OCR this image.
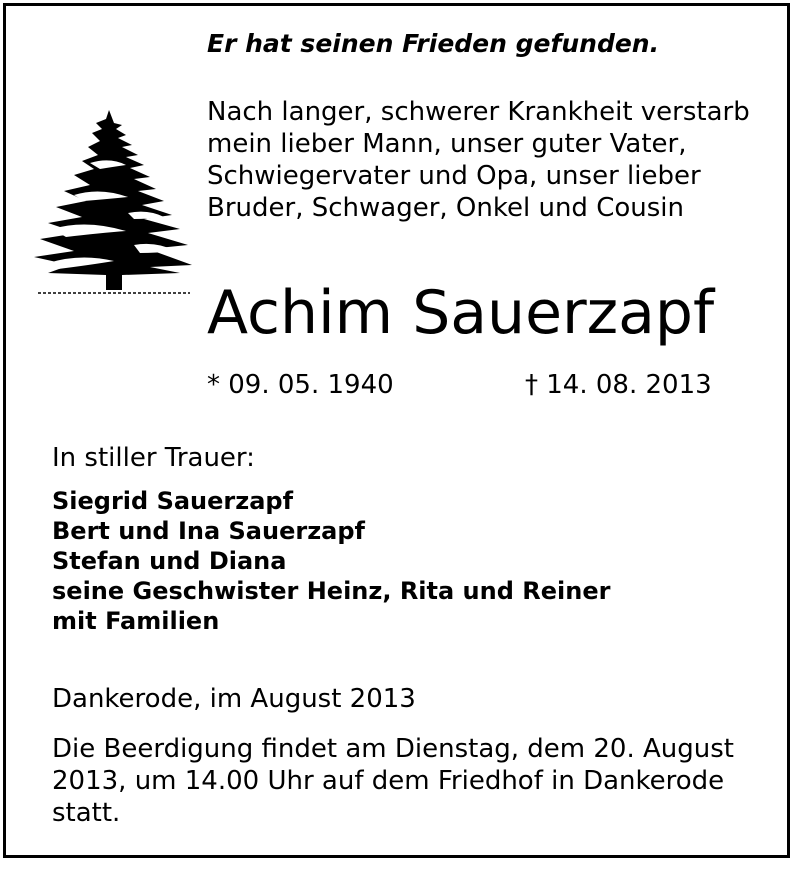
Er hat seinen Frieden gefunden.
Nach langer, schwerer Krankheit verstarb
mein lieber Mann, unser guter Vater,
Schwiegervater und Opa, unser lieber
Bruder, Schwager, Onkel und Cousin
Achim Sauerzapf
* 09. 05. 1940	† 14. 08. 2013
In stiller Trauer:
Siegrid Sauerzapf
Bert und Ina Sauerzapf
Stefan und Diana
seine Geschwister Heinz, Rita und Reiner
mit Familien
Dankerode, im August 2013
Die Beerdigung findet am Dienstag, dem 20. August
2013, um 14.00 Uhr auf dem Friedhof in Dankerode
statt.
